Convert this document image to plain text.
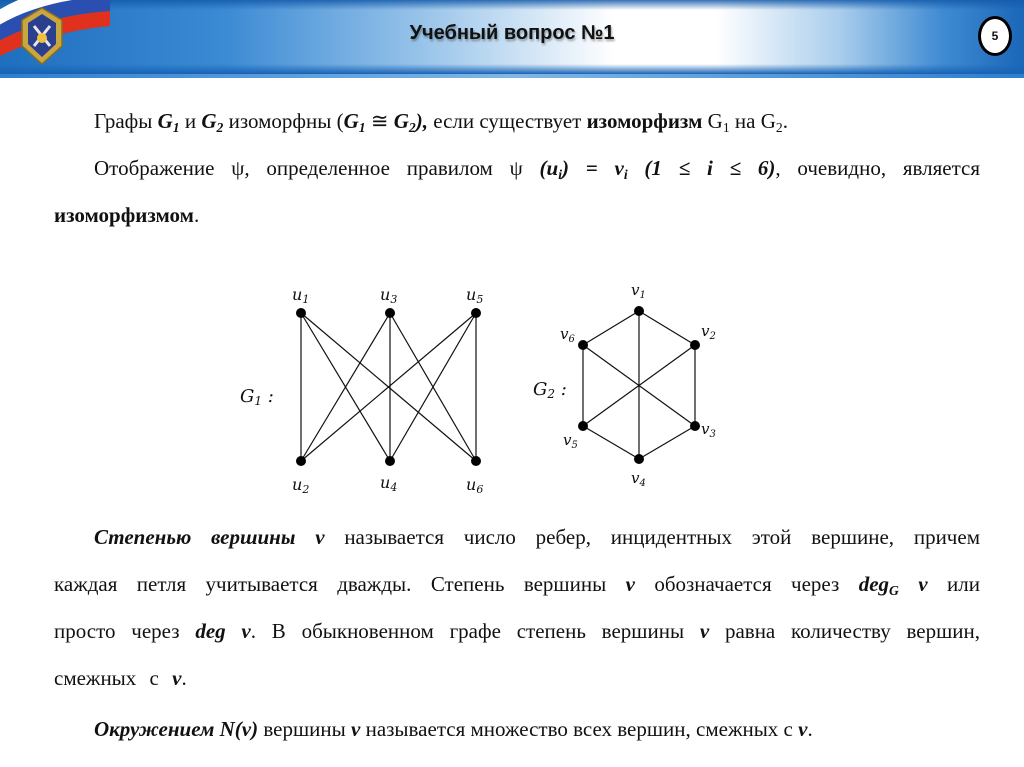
Учебный вопрос №1	5
Графы $G_1$ и $G_2$ изоморфны ($G_1$ ≅ $G_2$), если существует изоморфизм $G_1$ на $G_2$.
Отображение ψ, определенное правилом ψ $(u_i) = v_i$ (1 ≤ i ≤ 6), очевидно, является изоморфизмом.
u1	u3	u5
u2	u4	u6
G1 :
$v_1$
$v_2$
$v_3$
$v_4$
$v_5$
$v_6$
G2 :
Степенью вершины v называется число ребер, инцидентных этой вершине, причем каждая петля учитывается дважды. Степень вершины v обозначается через deg$_G$ v или просто через deg v. В обыкновенном графе степень вершины v равна количеству вершин, смежных с v.
Окружением N(v) вершины v называется множество всех вершин, смежных с v.
